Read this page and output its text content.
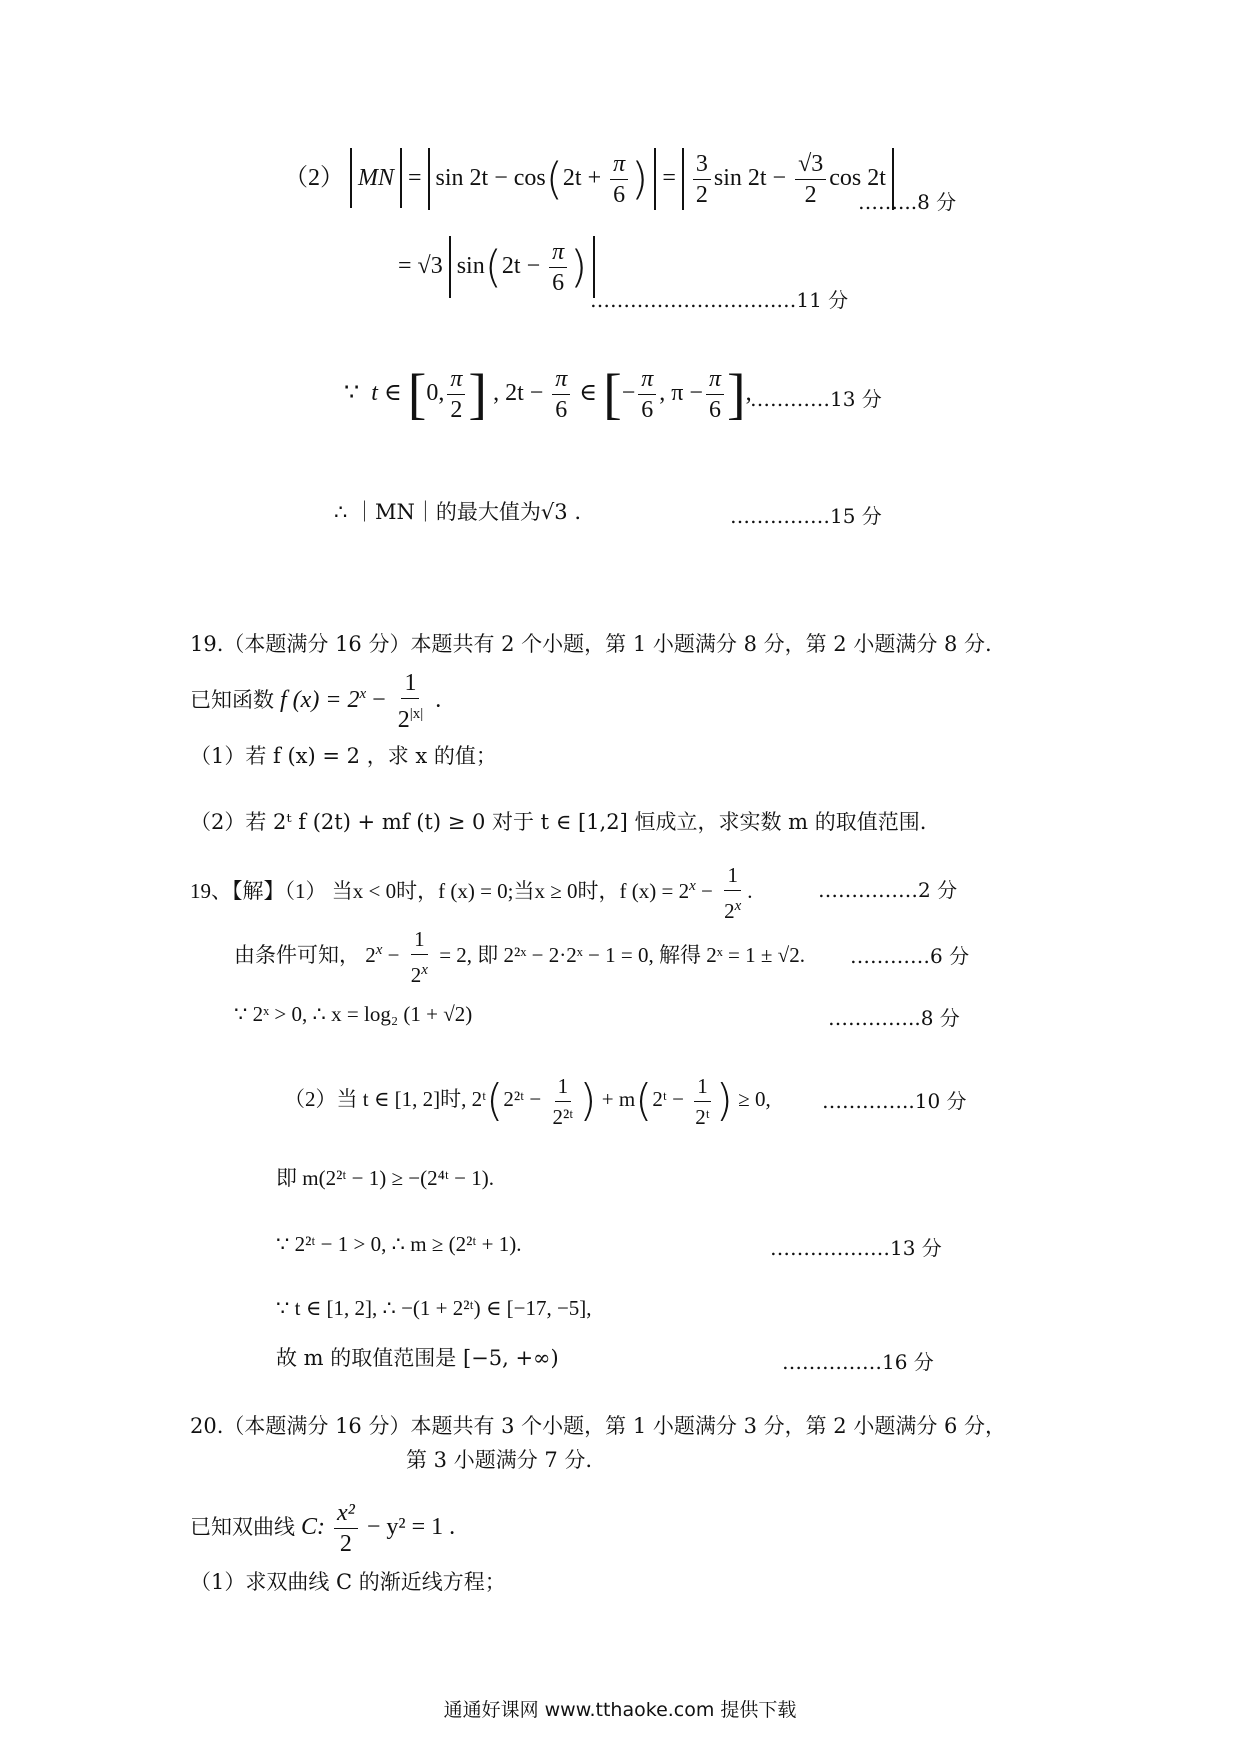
（2） MN = $\sin 2t - \cos(2t + \frac{\pi}{6}$ ) = $\frac{3}{2}$ $\sin 2t - \frac{√3}{2}$ cos 2t
……...8 分
= √3 $\sin(2t - \frac{\pi}{6}$ )
……………………….…11 分
∵ t ∈ [0, $\frac{\pi}{2}$ ] , $2t - \frac{\pi}{6}$ ∈ [− $\frac{\pi}{6}$ , $\pi - \frac{\pi}{6}$ ],
…………13 分
∴ ｜MN｜的最大值为√3 .	……………15 分
19.（本题满分 16 分）本题共有 2 个小题，第 1 小题满分 8 分，第 2 小题满分 8 分.
已知函数 f $(x) = 2^x - \frac{1}{2^{|x|}}$ .
（1）若 f (x) = 2 ，求 x 的值；
（2）若 2ᵗ f (2t) + mf (t) ≥ 0 对于 t ∈ [1,2] 恒成立，求实数 m 的取值范围.
19、【解】（1） 当x < 0时，f (x) = 0;当x ≥ 0时，f $(x) = 2^x - \frac{1}{2^x}$ .	……………2 分
由条件可知， $2^x - \frac{1}{2^x} = 2$, 即 2²ˣ − 2·2ˣ − 1 = 0, 解得 2ˣ = 1 ± √2. …………6 分
∵ 2ˣ > 0, ∴ x = log₂ (1 + √2)	…………..8 分
（2）当 t ∈ [1, 2]时, 2ᵗ(2²ᵗ − $\frac{1}{\text{2²ᵗ}}$ ) + m(2ᵗ − $\frac{1}{\text{2ᵗ}}$ ) ≥ 0,	…………..10 分
即 m(2²ᵗ − 1) ≥ −(2⁴ᵗ − 1).
∵ 2²ᵗ − 1 > 0, ∴ m ≥ (2²ᵗ + 1).	………………13 分
∵ t ∈ [1, 2], ∴ −(1 + 2²ᵗ) ∈ [−17, −5],
故 m 的取值范围是 [−5, +∞)	……………16 分
20.（本题满分 16 分）本题共有 3 个小题，第 1 小题满分 3 分，第 2 小题满分 6 分，
第 3 小题满分 7 分.
已知双曲线 C: $\frac{\text{x²}}{2} - y^2 = 1$ .
（1）求双曲线 C 的渐近线方程；
通通好课网 www.tthaoke.com 提供下载
